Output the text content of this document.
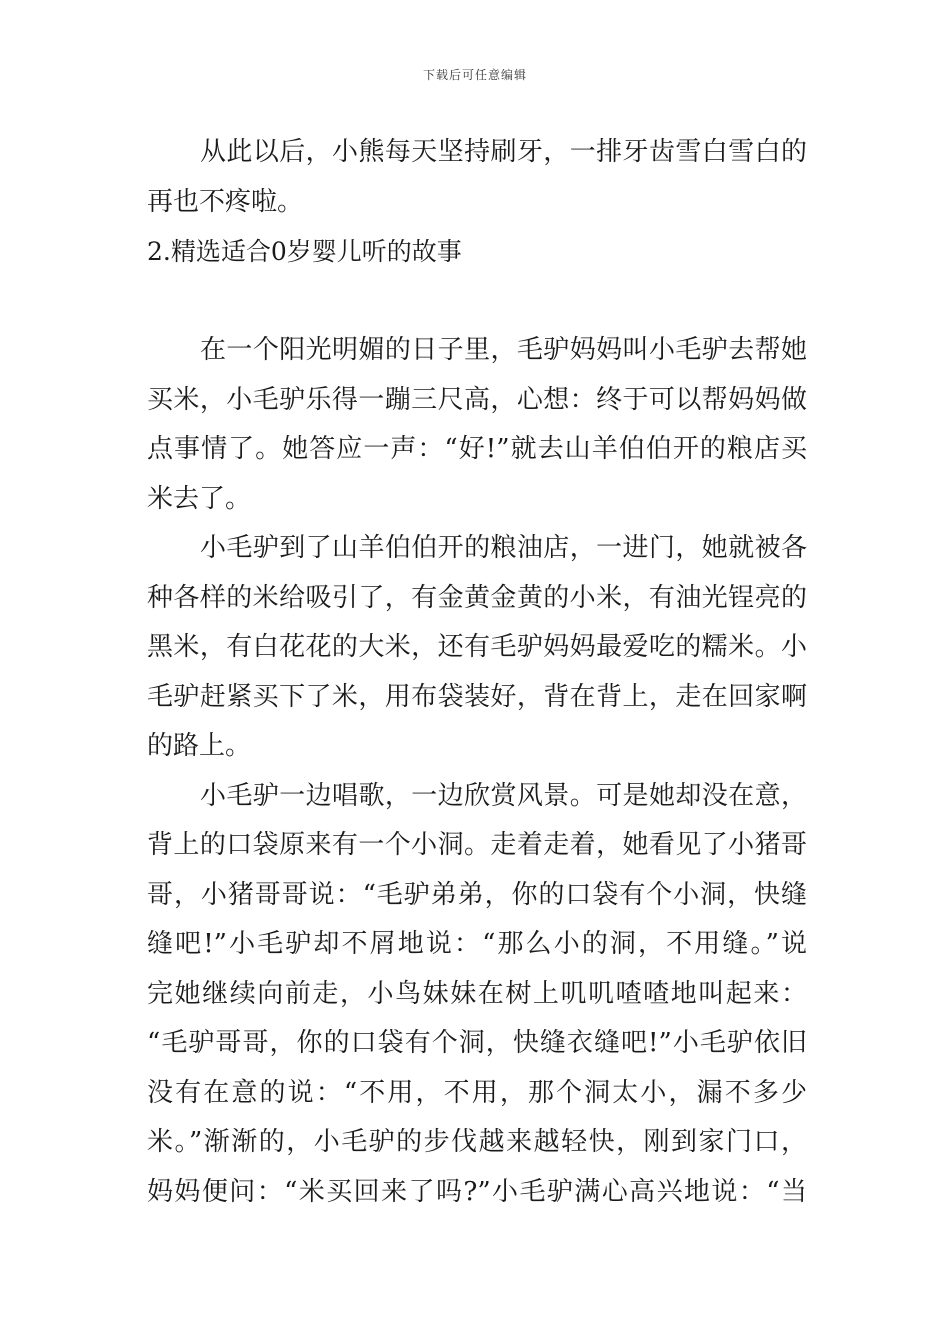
下载后可任意编辑
从此以后，小熊每天坚持刷牙，一排牙齿雪白雪白的
再也不疼啦。
2.精选适合0岁婴儿听的故事
在一个阳光明媚的日子里，毛驴妈妈叫小毛驴去帮她
买米，小毛驴乐得一蹦三尺高，心想：终于可以帮妈妈做
点事情了。她答应一声：“好!”就去山羊伯伯开的粮店买
米去了。
小毛驴到了山羊伯伯开的粮油店，一进门，她就被各
种各样的米给吸引了，有金黄金黄的小米，有油光锃亮的
黑米，有白花花的大米，还有毛驴妈妈最爱吃的糯米。小
毛驴赶紧买下了米，用布袋装好，背在背上，走在回家啊
的路上。
小毛驴一边唱歌，一边欣赏风景。可是她却没在意，
背上的口袋原来有一个小洞。走着走着，她看见了小猪哥
哥，小猪哥哥说：“毛驴弟弟，你的口袋有个小洞，快缝
缝吧!”小毛驴却不屑地说：“那么小的洞，不用缝。”说
完她继续向前走，小鸟妹妹在树上叽叽喳喳地叫起来：
“毛驴哥哥，你的口袋有个洞，快缝衣缝吧!”小毛驴依旧
没有在意的说：“不用，不用，那个洞太小，漏不多少
米。”渐渐的，小毛驴的步伐越来越轻快，刚到家门口，
妈妈便问：“米买回来了吗?”小毛驴满心高兴地说：“当
